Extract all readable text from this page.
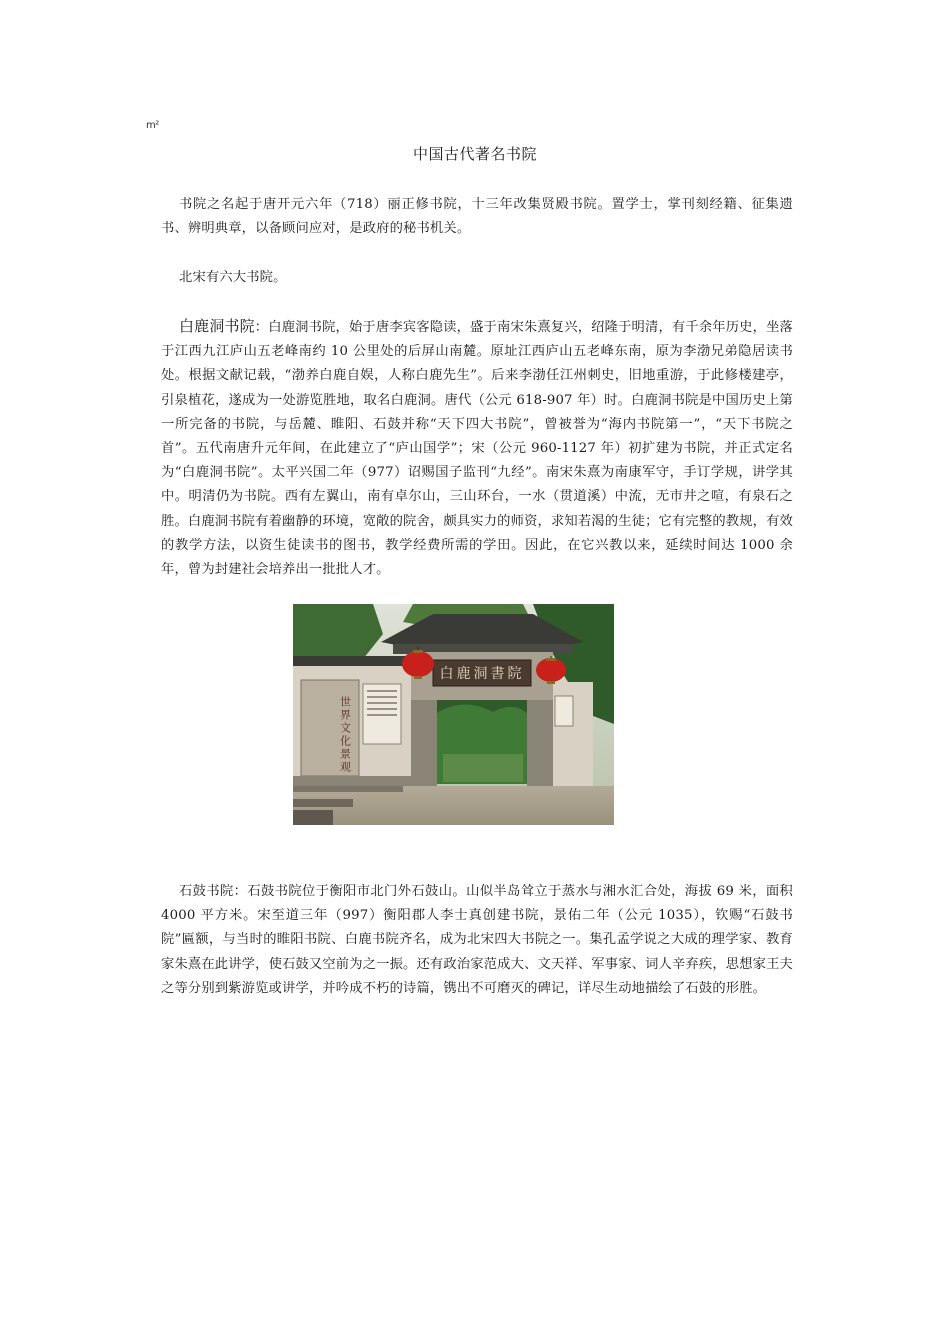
m²
中国古代著名书院

书院之名起于唐开元六年（718）丽正修书院，十三年改集贤殿书院。置学士，掌刊刻经籍、征集遗书、辨明典章，以备顾问应对，是政府的秘书机关。

北宋有六大书院。

白鹿洞书院：白鹿洞书院，始于唐李宾客隐读，盛于南宋朱熹复兴，绍隆于明清，有千余年历史，坐落于江西九江庐山五老峰南约 10 公里处的后屏山南麓。原址江西庐山五老峰东南，原为李渤兄弟隐居读书处。根据文献记载，“渤养白鹿自娱，人称白鹿先生”。后来李渤任江州刺史，旧地重游，于此修楼建亭，引泉植花，遂成为一处游览胜地，取名白鹿洞。唐代（公元 618-907 年）时。白鹿洞书院是中国历史上第一所完备的书院，与岳麓、睢阳、石鼓并称“天下四大书院”，曾被誉为“海内书院第一”，“天下书院之首”。五代南唐升元年间，在此建立了“庐山国学”；宋（公元 960-1127 年）初扩建为书院，并正式定名为“白鹿洞书院”。太平兴国二年（977）诏赐国子监刊“九经”。南宋朱熹为南康军守，手订学规，讲学其中。明清仍为书院。西有左翼山，南有卓尔山，三山环台，一水（贯道溪）中流，无市井之喧，有泉石之胜。白鹿洞书院有着幽静的环境，宽敞的院舍，颇具实力的师资，求知若渴的生徒；它有完整的教规，有效的教学方法，以资生徒读书的图书，教学经费所需的学田。因此，在它兴教以来，延续时间达 1000 余年，曾为封建社会培养出一批批人才。

世界文化景观
白鹿洞書院

石鼓书院：石鼓书院位于衡阳市北门外石鼓山。山似半岛耸立于蒸水与湘水汇合处，海拔 69 米，面积 4000 平方米。宋至道三年（997）衡阳郡人李士真创建书院，景佑二年（公元 1035），钦赐“石鼓书院”匾额，与当时的睢阳书院、白鹿书院齐名，成为北宋四大书院之一。集孔孟学说之大成的理学家、教育家朱熹在此讲学，使石鼓又空前为之一振。还有政治家范成大、文天祥、军事家、词人辛弃疾，思想家王夫之等分别到紫游览或讲学，并吟成不朽的诗篇，镌出不可磨灭的碑记，详尽生动地描绘了石鼓的形胜。
